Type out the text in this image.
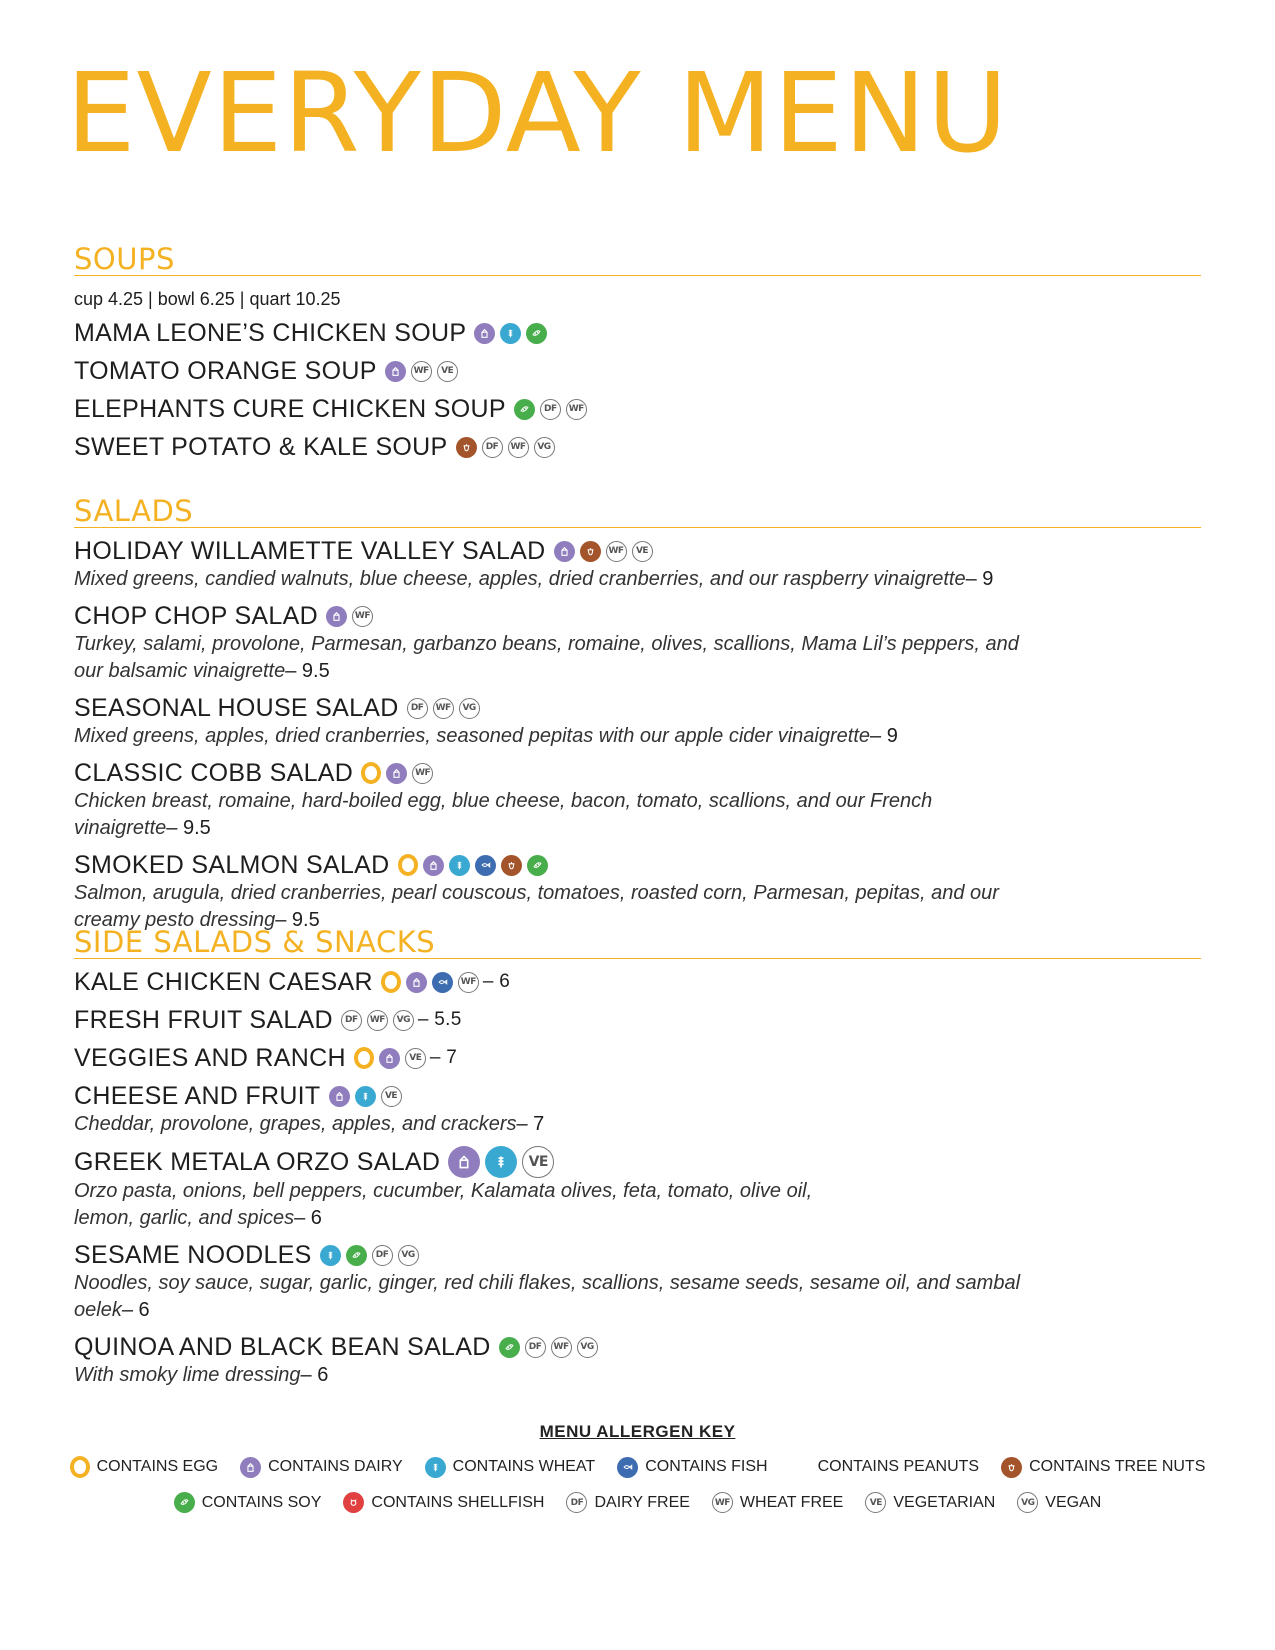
EVERYDAY MENU
SOUPS
cup 4.25 | bowl 6.25 | quart 10.25
MAMA LEONE’S CHICKEN SOUP
TOMATO ORANGE SOUP	WF	VE
ELEPHANTS CURE CHICKEN SOUP	DF	WF
SWEET POTATO & KALE SOUP	DF	WF	VG
SALADS
HOLIDAY WILLAMETTE VALLEY SALAD	WF	VE
Mixed greens, candied walnuts, blue cheese, apples, dried cranberries, and our raspberry vinaigrette– 9
CHOP CHOP SALAD	WF
Turkey, salami, provolone, Parmesan, garbanzo beans, romaine, olives, scallions, Mama Lil’s peppers, and our balsamic vinaigrette– 9.5
SEASONAL HOUSE SALAD	DF	WF	VG
Mixed greens, apples, dried cranberries, seasoned pepitas with our apple cider vinaigrette– 9
CLASSIC COBB SALAD	WF
Chicken breast, romaine, hard-boiled egg, blue cheese, bacon, tomato, scallions, and our French vinaigrette– 9.5
SMOKED SALMON SALAD
Salmon, arugula, dried cranberries, pearl couscous, tomatoes, roasted corn, Parmesan, pepitas, and our creamy pesto dressing– 9.5
SIDE SALADS & SNACKS
KALE CHICKEN CAESAR	WF – 6
FRESH FRUIT SALAD	DF	WF	VG – 5.5
VEGGIES AND RANCH	VE – 7
CHEESE AND FRUIT	VE
Cheddar, provolone, grapes, apples, and crackers– 7
GREEK METALA ORZO SALAD	VE
Orzo pasta, onions, bell peppers, cucumber, Kalamata olives, feta, tomato, olive oil, lemon, garlic, and spices– 6
SESAME NOODLES	DF	VG
Noodles, soy sauce, sugar, garlic, ginger, red chili flakes, scallions, sesame seeds, sesame oil, and sambal oelek– 6
QUINOA AND BLACK BEAN SALAD	DF	WF	VG
With smoky lime dressing– 6
MENU ALLERGEN KEY
CONTAINS EGG	CONTAINS DAIRY	CONTAINS WHEAT	CONTAINS FISH	CONTAINS PEANUTS	CONTAINS TREE NUTS
CONTAINS SOY	CONTAINS SHELLFISH	DF DAIRY FREE	WF WHEAT FREE	VE VEGETARIAN	VG VEGAN
